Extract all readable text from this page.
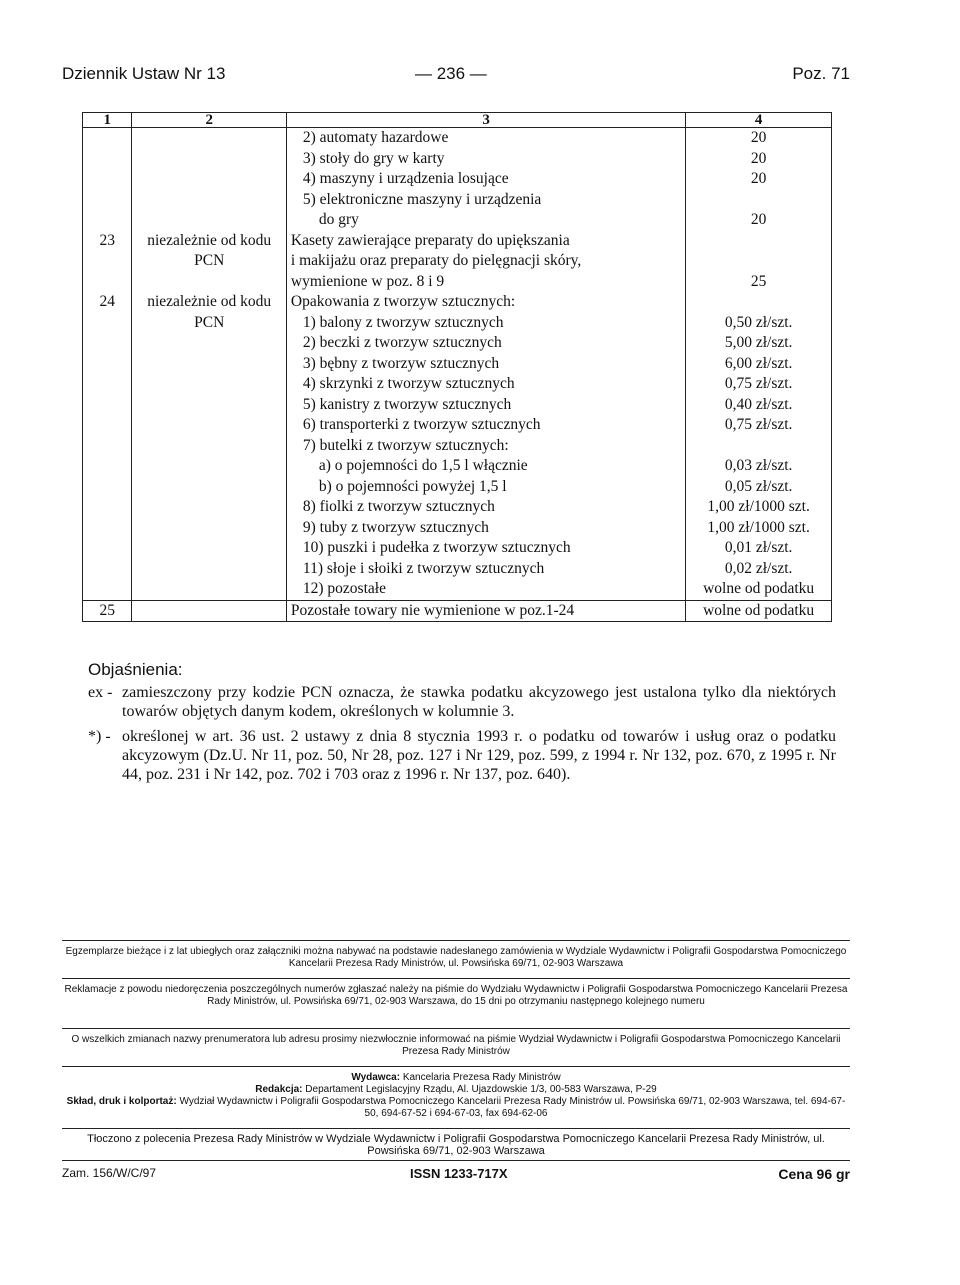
Dziennik Ustaw Nr 13	— 236 —	Poz. 71
1	2	3	4
		2) automaty hazardowe	20
		3) stoły do gry w karty	20
		4) maszyny i urządzenia losujące	20
		5) elektroniczne maszyny i urządzenia	
		do gry	20
23	niezależnie od kodu	Kasety zawierające preparaty do upiększania	
	PCN	i makijażu oraz preparaty do pielęgnacji skóry,	
		wymienione w poz. 8 i 9	25
24	niezależnie od kodu	Opakowania z tworzyw sztucznych:	
	PCN	1) balony z tworzyw sztucznych	0,50 zł/szt.
		2) beczki z tworzyw sztucznych	5,00 zł/szt.
		3) bębny z tworzyw sztucznych	6,00 zł/szt.
		4) skrzynki z tworzyw sztucznych	0,75 zł/szt.
		5) kanistry z tworzyw sztucznych	0,40 zł/szt.
		6) transporterki z tworzyw sztucznych	0,75 zł/szt.
		7) butelki z tworzyw sztucznych:	
		a) o pojemności do 1,5 l włącznie	0,03 zł/szt.
		b) o pojemności powyżej 1,5 l	0,05 zł/szt.
		8) fiolki z tworzyw sztucznych	1,00 zł/1000 szt.
		9) tuby z tworzyw sztucznych	1,00 zł/1000 szt.
		10) puszki i pudełka z tworzyw sztucznych	0,01 zł/szt.
		11) słoje i słoiki z tworzyw sztucznych	0,02 zł/szt.
		12) pozostałe	wolne od podatku
25		Pozostałe towary nie wymienione w poz.1-24	wolne od podatku
Objaśnienia:
ex - zamieszczony przy kodzie PCN oznacza, że stawka podatku akcyzowego jest ustalona tylko dla niektórych towarów objętych danym kodem, określonych w kolumnie 3.
*) - określonej w art. 36 ust. 2 ustawy z dnia 8 stycznia 1993 r. o podatku od towarów i usług oraz o podatku akcyzowym (Dz.U. Nr 11, poz. 50, Nr 28, poz. 127 i Nr 129, poz. 599, z 1994 r. Nr 132, poz. 670, z 1995 r. Nr 44, poz. 231 i Nr 142, poz. 702 i 703 oraz z 1996 r. Nr 137, poz. 640).
Egzemplarze bieżące i z lat ubiegłych oraz załączniki można nabywać na podstawie nadesłanego zamówienia w Wydziale Wydawnictw i Poligrafii Gospodarstwa Pomocniczego Kancelarii Prezesa Rady Ministrów, ul. Powsińska 69/71, 02-903 Warszawa
Reklamacje z powodu niedoręczenia poszczególnych numerów zgłaszać należy na piśmie do Wydziału Wydawnictw i Poligrafii Gospodarstwa Pomocniczego Kancelarii Prezesa Rady Ministrów, ul. Powsińska 69/71, 02-903 Warszawa, do 15 dni po otrzymaniu następnego kolejnego numeru
O wszelkich zmianach nazwy prenumeratora lub adresu prosimy niezwłocznie informować na piśmie Wydział Wydawnictw i Poligrafii Gospodarstwa Pomocniczego Kancelarii Prezesa Rady Ministrów
Wydawca: Kancelaria Prezesa Rady Ministrów
Redakcja: Departament Legislacyjny Rządu, Al. Ujazdowskie 1/3, 00-583 Warszawa, P-29
Skład, druk i kolportaż: Wydział Wydawnictw i Poligrafii Gospodarstwa Pomocniczego Kancelarii Prezesa Rady Ministrów ul. Powsińska 69/71, 02-903 Warszawa, tel. 694-67-50, 694-67-52 i 694-67-03, fax 694-62-06
Tłoczono z polecenia Prezesa Rady Ministrów w Wydziale Wydawnictw i Poligrafii Gospodarstwa Pomocniczego Kancelarii Prezesa Rady Ministrów, ul. Powsińska 69/71, 02-903 Warszawa
Zam. 156/W/C/97	ISSN 1233-717X	Cena 96 gr
